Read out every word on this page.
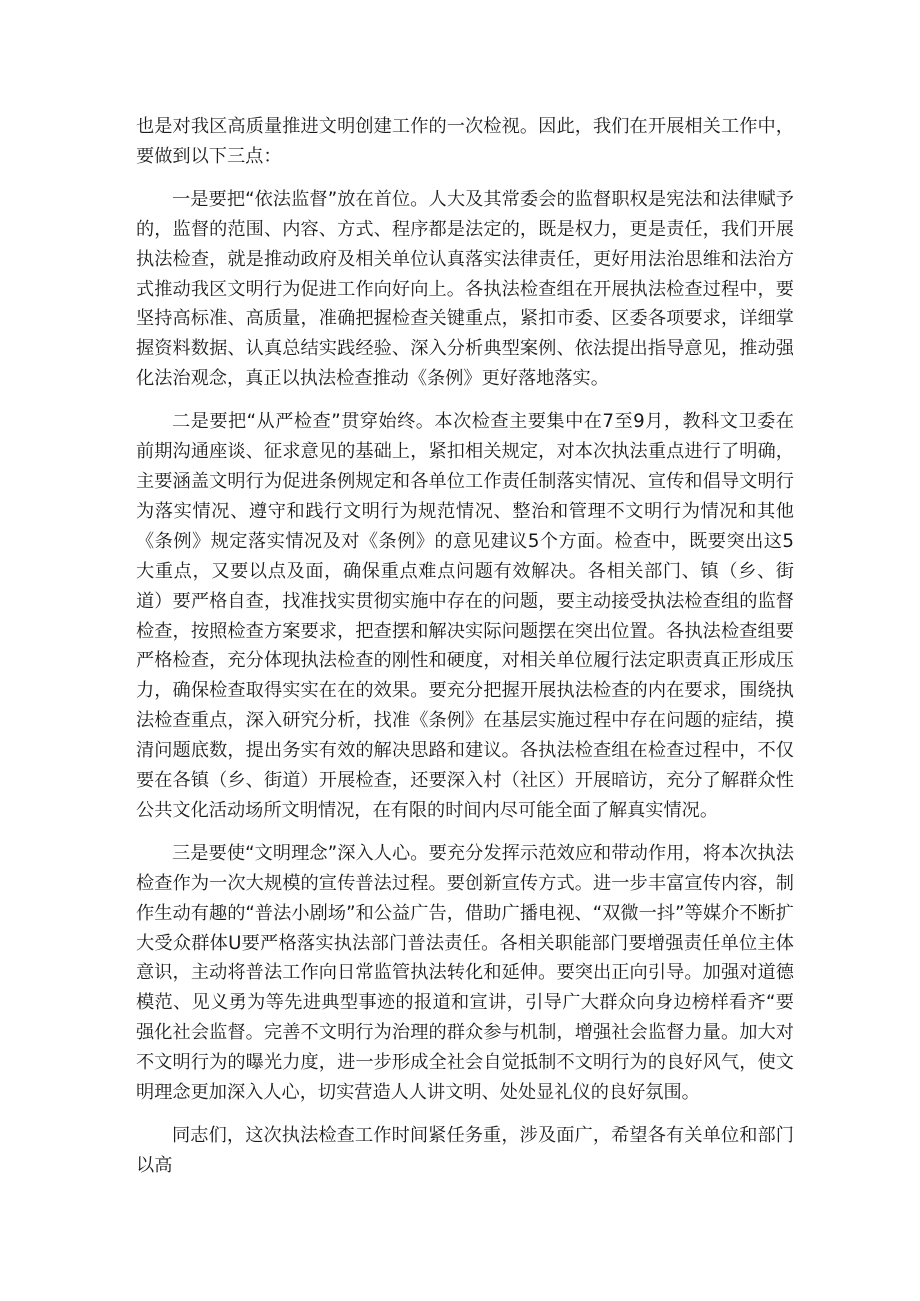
也是对我区高质量推进文明创建工作的一次检视。因此，我们在开展相关工作中，要做到以下三点：

一是要把“依法监督”放在首位。人大及其常委会的监督职权是宪法和法律赋予的，监督的范围、内容、方式、程序都是法定的，既是权力，更是责任，我们开展执法检查，就是推动政府及相关单位认真落实法律责任，更好用法治思维和法治方式推动我区文明行为促进工作向好向上。各执法检查组在开展执法检查过程中，要坚持高标准、高质量，准确把握检查关键重点，紧扣市委、区委各项要求，详细掌握资料数据、认真总结实践经验、深入分析典型案例、依法提出指导意见，推动强化法治观念，真正以执法检查推动《条例》更好落地落实。

二是要把“从严检查”贯穿始终。本次检查主要集中在7至9月，教科文卫委在前期沟通座谈、征求意见的基础上，紧扣相关规定，对本次执法重点进行了明确，主要涵盖文明行为促进条例规定和各单位工作责任制落实情况、宣传和倡导文明行为落实情况、遵守和践行文明行为规范情况、整治和管理不文明行为情况和其他《条例》规定落实情况及对《条例》的意见建议5个方面。检查中，既要突出这5大重点，又要以点及面，确保重点难点问题有效解决。各相关部门、镇（乡、街道）要严格自查，找准找实贯彻实施中存在的问题，要主动接受执法检查组的监督检查，按照检查方案要求，把查摆和解决实际问题摆在突出位置。各执法检查组要严格检查，充分体现执法检查的刚性和硬度，对相关单位履行法定职责真正形成压力，确保检查取得实实在在的效果。要充分把握开展执法检查的内在要求，围绕执法检查重点，深入研究分析，找准《条例》在基层实施过程中存在问题的症结，摸清问题底数，提出务实有效的解决思路和建议。各执法检查组在检查过程中，不仅要在各镇（乡、街道）开展检查，还要深入村（社区）开展暗访，充分了解群众性公共文化活动场所文明情况，在有限的时间内尽可能全面了解真实情况。

三是要使“文明理念”深入人心。要充分发挥示范效应和带动作用，将本次执法检查作为一次大规模的宣传普法过程。要创新宣传方式。进一步丰富宣传内容，制作生动有趣的“普法小剧场”和公益广告，借助广播电视、“双微一抖”等媒介不断扩大受众群体U要严格落实执法部门普法责任。各相关职能部门要增强责任单位主体意识，主动将普法工作向日常监管执法转化和延伸。要突出正向引导。加强对道德模范、见义勇为等先进典型事迹的报道和宣讲，引导广大群众向身边榜样看齐“要强化社会监督。完善不文明行为治理的群众参与机制，增强社会监督力量。加大对不文明行为的曝光力度，进一步形成全社会自觉抵制不文明行为的良好风气，使文明理念更加深入人心，切实营造人人讲文明、处处显礼仪的良好氛围。

同志们，这次执法检查工作时间紧任务重，涉及面广，希望各有关单位和部门以高
